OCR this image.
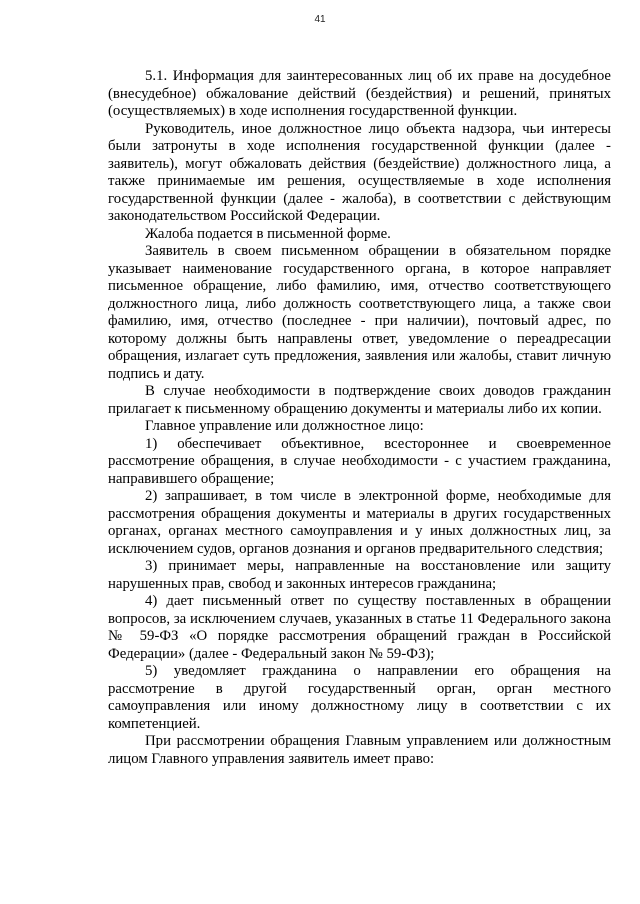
41

5.1. Информация для заинтересованных лиц об их праве на досудебное (внесудебное) обжалование действий (бездействия) и решений, принятых (осуществляемых) в ходе исполнения государственной функции.

Руководитель, иное должностное лицо объекта надзора, чьи интересы были затронуты в ходе исполнения государственной функции (далее - заявитель), могут обжаловать действия (бездействие) должностного лица, а также принимаемые им решения, осуществляемые в ходе исполнения государственной функции (далее - жалоба), в соответствии с действующим законодательством Российской Федерации.

Жалоба подается в письменной форме.

Заявитель в своем письменном обращении в обязательном порядке указывает наименование государственного органа, в которое направляет письменное обращение, либо фамилию, имя, отчество соответствующего должностного лица, либо должность соответствующего лица, а также свои фамилию, имя, отчество (последнее - при наличии), почтовый адрес, по которому должны быть направлены ответ, уведомление о переадресации обращения, излагает суть предложения, заявления или жалобы, ставит личную подпись и дату.

В случае необходимости в подтверждение своих доводов гражданин прилагает к письменному обращению документы и материалы либо их копии.

Главное управление или должностное лицо:

1) обеспечивает объективное, всестороннее и своевременное рассмотрение обращения, в случае необходимости - с участием гражданина, направившего обращение;

2) запрашивает, в том числе в электронной форме, необходимые для рассмотрения обращения документы и материалы в других государственных органах, органах местного самоуправления и у иных должностных лиц, за исключением судов, органов дознания и органов предварительного следствия;

3) принимает меры, направленные на восстановление или защиту нарушенных прав, свобод и законных интересов гражданина;

4) дает письменный ответ по существу поставленных в обращении вопросов, за исключением случаев, указанных в статье 11 Федерального закона № 59-ФЗ «О порядке рассмотрения обращений граждан в Российской Федерации» (далее - Федеральный закон № 59-ФЗ);

5) уведомляет гражданина о направлении его обращения на рассмотрение в другой государственный орган, орган местного самоуправления или иному должностному лицу в соответствии с их компетенцией.

При рассмотрении обращения Главным управлением или должностным лицом Главного управления заявитель имеет право:
